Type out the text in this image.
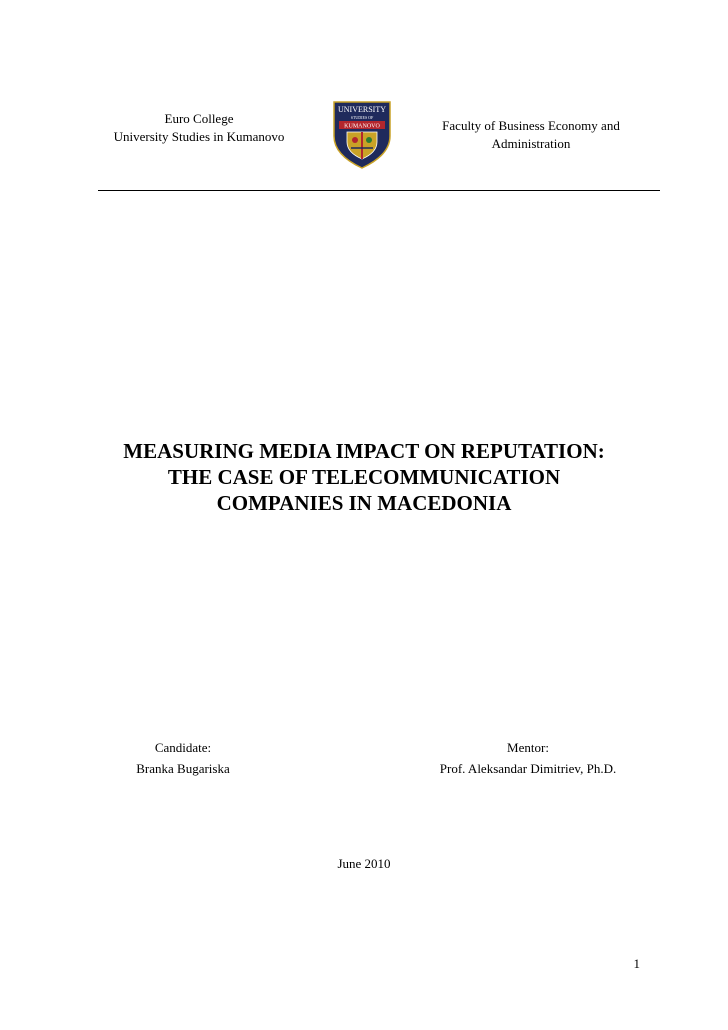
Euro College
University Studies in Kumanovo
UNIVERSITY
STUDIES OF
KUMANOVO	Faculty of Business Economy and
Administration
MEASURING MEDIA IMPACT ON REPUTATION:
THE CASE OF TELECOMMUNICATION
COMPANIES IN MACEDONIA
Candidate:
Branka Bugariska
Mentor:
Prof. Aleksandar Dimitriev, Ph.D.
June 2010
1
